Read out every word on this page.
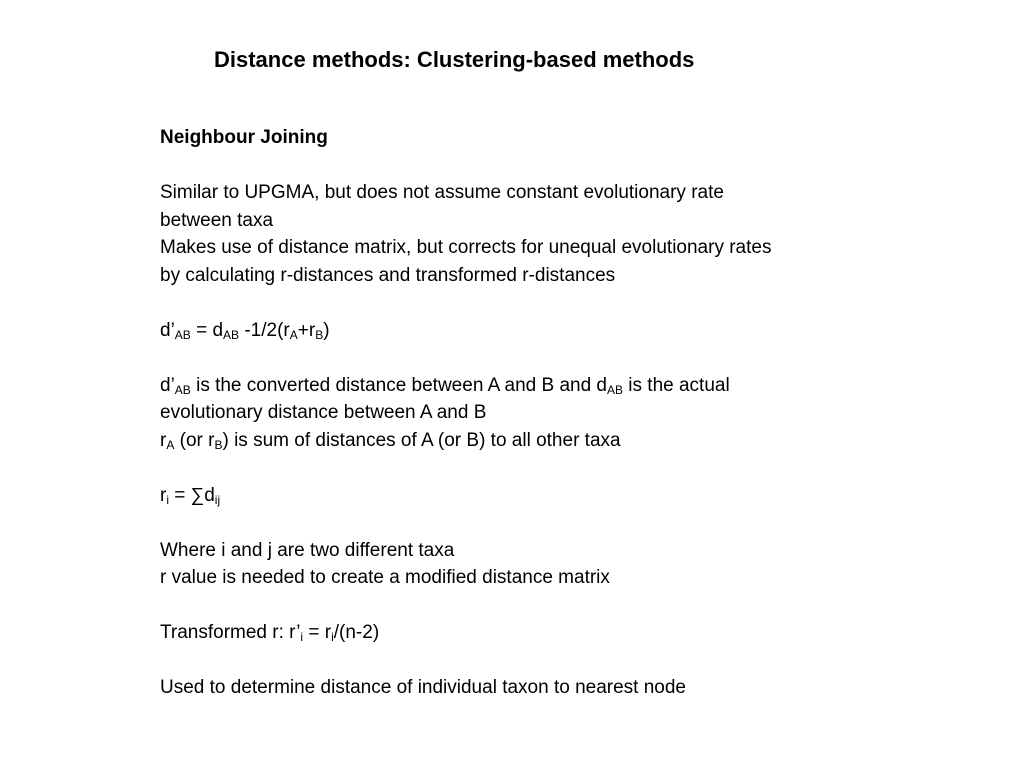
Distance methods: Clustering-based methods
Neighbour Joining
Similar to UPGMA, but does not assume constant evolutionary rate
between taxa
Makes use of distance matrix, but corrects for unequal evolutionary rates
by calculating r-distances and transformed r-distances
$d’_{AB} = d_{AB}$ $-1/2(r_A+r_B)$
$d’_{AB}$ is the converted distance between A and B and $d_{AB}$ is the actual
evolutionary distance between A and B
$r_A$ (or $r_B$) is sum of distances of A (or B) to all other taxa
$r_i = \sum d_{ij}$
Where i and j are two different taxa
r value is needed to create a modified distance matrix
Transformed r: $r’_i = r_i/(n-2)$
Used to determine distance of individual taxon to nearest node
